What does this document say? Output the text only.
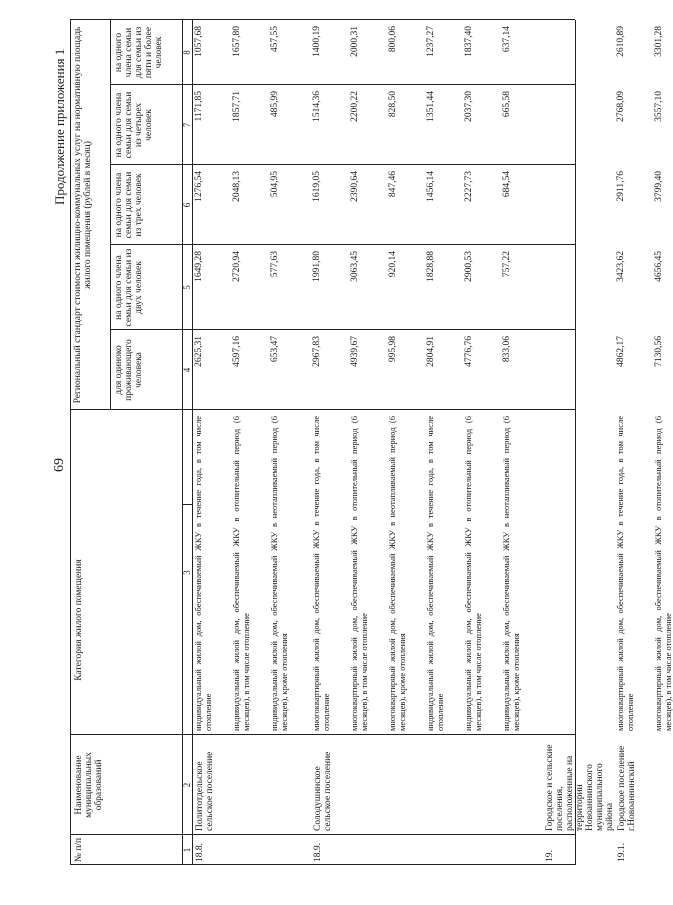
69
Продолжение приложения 1
№ п/п
Наименование муниципальных образований
Категория жилого помещения
Региональный стандарт стоимости жилищно-коммунальных услуг на нормативную площадь жилого помещения (рублей в месяц)
для одиноко проживающего человека
на одного члена семьи для семьи из двух человек
на одного члена семьи для семьи из трех человек
на одного члена семьи для семьи из четырех человек
на одного члена семьи для семьи из пяти и более человек
1
2
3
4
5
6
7
8
18.8.
Политотдельское сельское поселение
индивидуальный жилой дом, обеспечиваемый ЖКУ в течение года, в том числе отопление
2625,31
1649,28
1276,54
1171,85
1057,68
индивидуальный жилой дом, обеспечиваемый ЖКУ в отопительный период (6 месяцев), в том числе отопление
4597,16
2720,94
2048,13
1857,71
1657,80
индивидуальный жилой дом, обеспечиваемый ЖКУ в неотапливаемый период (6 месяцев), кроме отопления
653,47
577,63
504,95
485,99
457,55
18.9.
Солодушинское сельское поселение
многоквартирный жилой дом, обеспечиваемый ЖКУ в течение года, в том числе отопление
2967,83
1991,80
1619,05
1514,36
1400,19
многоквартирный жилой дом, обеспечиваемый ЖКУ в отопительный период (6 месяцев), в том числе отопление
4939,67
3063,45
2390,64
2200,22
2000,31
многоквартирный жилой дом, обеспечиваемый ЖКУ в неотапливаемый период (6 месяцев), кроме отопления
995,98
920,14
847,46
828,50
800,06
индивидуальный жилой дом, обеспечиваемый ЖКУ в течение года, в том числе отопление
2804,91
1828,88
1456,14
1351,44
1237,27
индивидуальный жилой дом, обеспечиваемый ЖКУ в отопительный период (6 месяцев), в том числе отопление
4776,76
2900,53
2227,73
2037,30
1837,40
индивидуальный жилой дом, обеспечиваемый ЖКУ в неотапливаемый период (6 месяцев), кроме отопления
833,06
757,22
684,54
665,58
637,14
19.
Городское и сельские поселения, расположенные на территории Новоаннинского муниципального района
19.1.
Городское поселение г.Новоаннинский
многоквартирный жилой дом, обеспечиваемый ЖКУ в течение года, в том числе отопление
4862,17
3423,62
2911,76
2768,09
2610,89
многоквартирный жилой дом, обеспечиваемый ЖКУ в отопительный период (6 месяцев), в том числе отопление
7130,56
4656,45
3799,40
3557,10
3301,28
